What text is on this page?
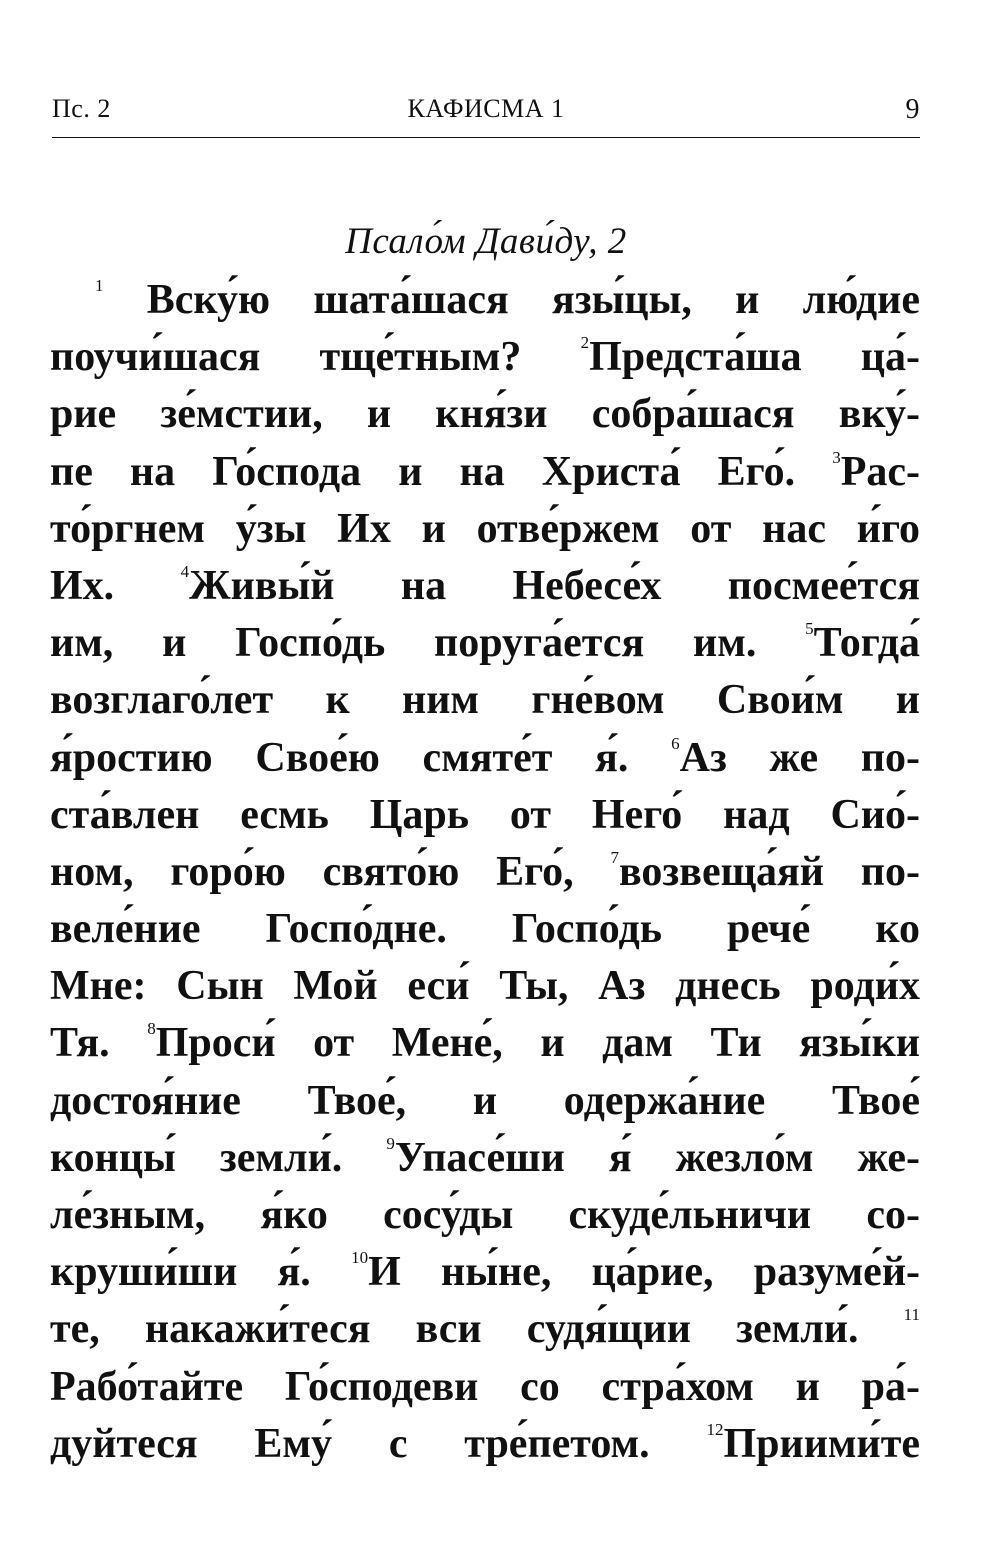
Пс. 2	КАФИСМА 1	9
Псало́м Дави́ду, 2
$^1$ Вску́ю шата́шася язы́цы, и лю́дие
поучи́шася тще́тным?	$^2$Предста́ша ца́-
рие зе́мстии, и кня́зи собра́шася вку́-
пе на Го́спода и на Христа́ Его́. $^3$Рас-
то́ргнем у́зы Их и отве́ржем от нас и́го
Их.	$^4$Живы́й на Небесе́х посмее́тся
им, и Госпо́дь поруга́ется им.	$^5$Тогда́
возглаго́лет к ним гне́вом Свои́м и
я́ростию Свое́ю смяте́т я́.	$^6$Аз же по-
ста́влен есмь Царь от Него́ над Сио́-
ном, горо́ю свято́ю Его́, $^7$возвеща́яй по-
веле́ние Госпо́дне. Госпо́дь рече́ ко
Мне: Сын Мой еси́ Ты, Аз днесь роди́х
Тя. $^8$Проси́ от Мене́, и дам Ти язы́ки
достоя́ние Твое́, и одержа́ние Твое́
концы́ земли́.	$^9$Упасе́ши я́ жезло́м же-
ле́зным, я́ко сосу́ды скуде́льничи со-
круши́ши я́. $^{10}$И ны́не, ца́рие, разуме́й-
те, накажи́теся вси судя́щии земли́.	$^{11}$
Рабо́тайте Го́сподеви со стра́хом и ра́-
дуйтеся Ему́ с тре́петом.	$^{12}$Приими́те
